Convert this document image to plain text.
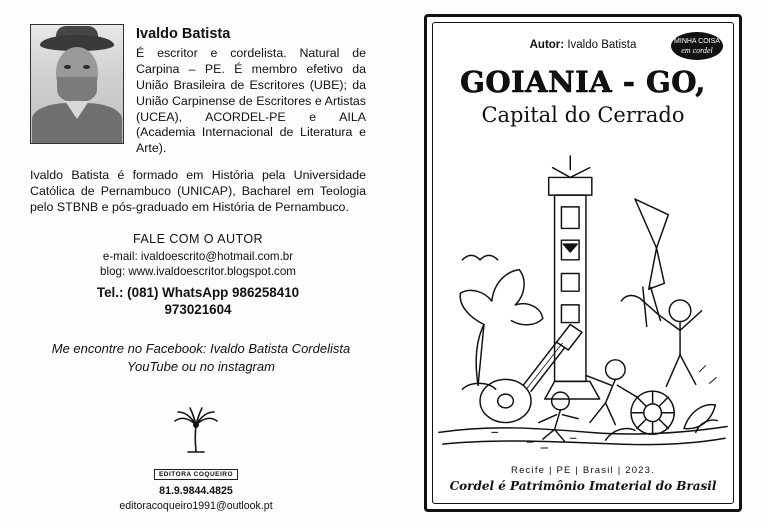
Ivaldo Batista

É escritor e cordelista. Natural de Carpina – PE. É membro efetivo da União Brasileira de Escritores (UBE); da União Carpinense de Escritores e Artistas (UCEA), ACORDEL-PE e AILA (Academia Internacional de Literatura e Arte).

Ivaldo Batista é formado em História pela Universidade Católica de Pernambuco (UNICAP), Bacharel em Teologia pelo STBNB e pós-graduado em História de Pernambuco.

FALE COM O AUTOR
e-mail: ivaldoescrito@hotmail.com.br
blog: www.ivaldoescritor.blogspot.com
Tel.: (081) WhatsApp 986258410
973021604
Me encontre no Facebook: Ivaldo Batista Cordelista
YouTube ou no instagram
EDITORA COQUEIRO
81.9.9844.4825
editoracoqueiro1991@outlook.pt
Autor: Ivaldo Batista	MINHA COISA
em cordel
GOIANIA - GO,
Capital do Cerrado
Recife | PE | Brasil | 2023.
Cordel é Patrimônio Imaterial do Brasil
